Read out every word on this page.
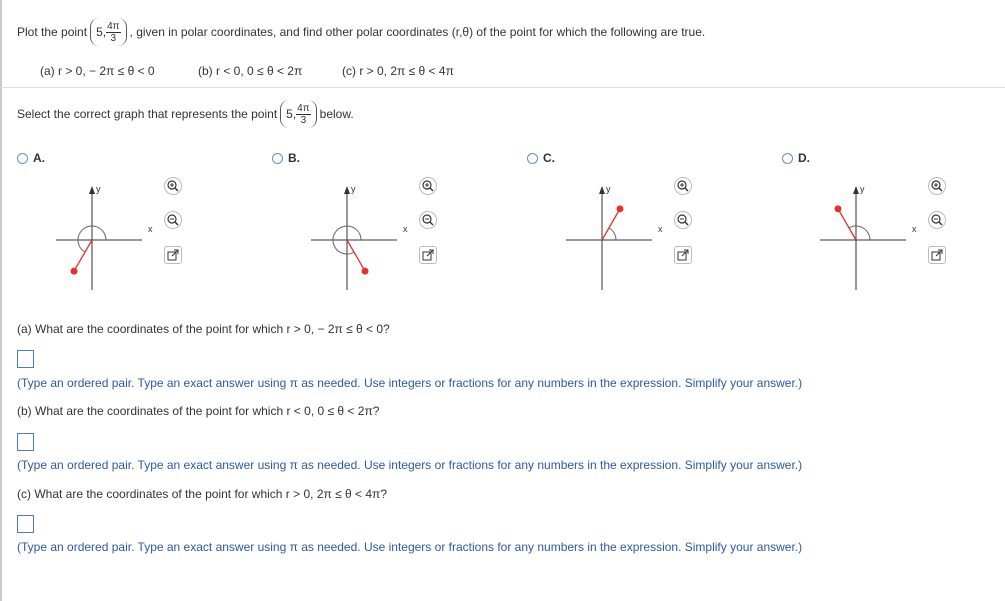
Plot the point 5, $\frac{4\pi}{3}$ , given in polar coordinates, and find other polar coordinates (r,θ) of the point for which the following are true.
(a) r > 0, − 2π ≤ θ < 0	(b) r < 0, 0 ≤ θ < 2π	(c) r > 0, 2π ≤ θ < 4π
Select the correct graph that represents the point 5, $\frac{4\pi}{3}$ below.
A.
y
x
B.
y
x
C.
y
x
D.
y
x
(a) What are the coordinates of the point for which r > 0, − 2π ≤ θ < 0?
(Type an ordered pair. Type an exact answer using π as needed. Use integers or fractions for any numbers in the expression. Simplify your answer.)
(b) What are the coordinates of the point for which r < 0, 0 ≤ θ < 2π?
(Type an ordered pair. Type an exact answer using π as needed. Use integers or fractions for any numbers in the expression. Simplify your answer.)
(c) What are the coordinates of the point for which r > 0, 2π ≤ θ < 4π?
(Type an ordered pair. Type an exact answer using π as needed. Use integers or fractions for any numbers in the expression. Simplify your answer.)
